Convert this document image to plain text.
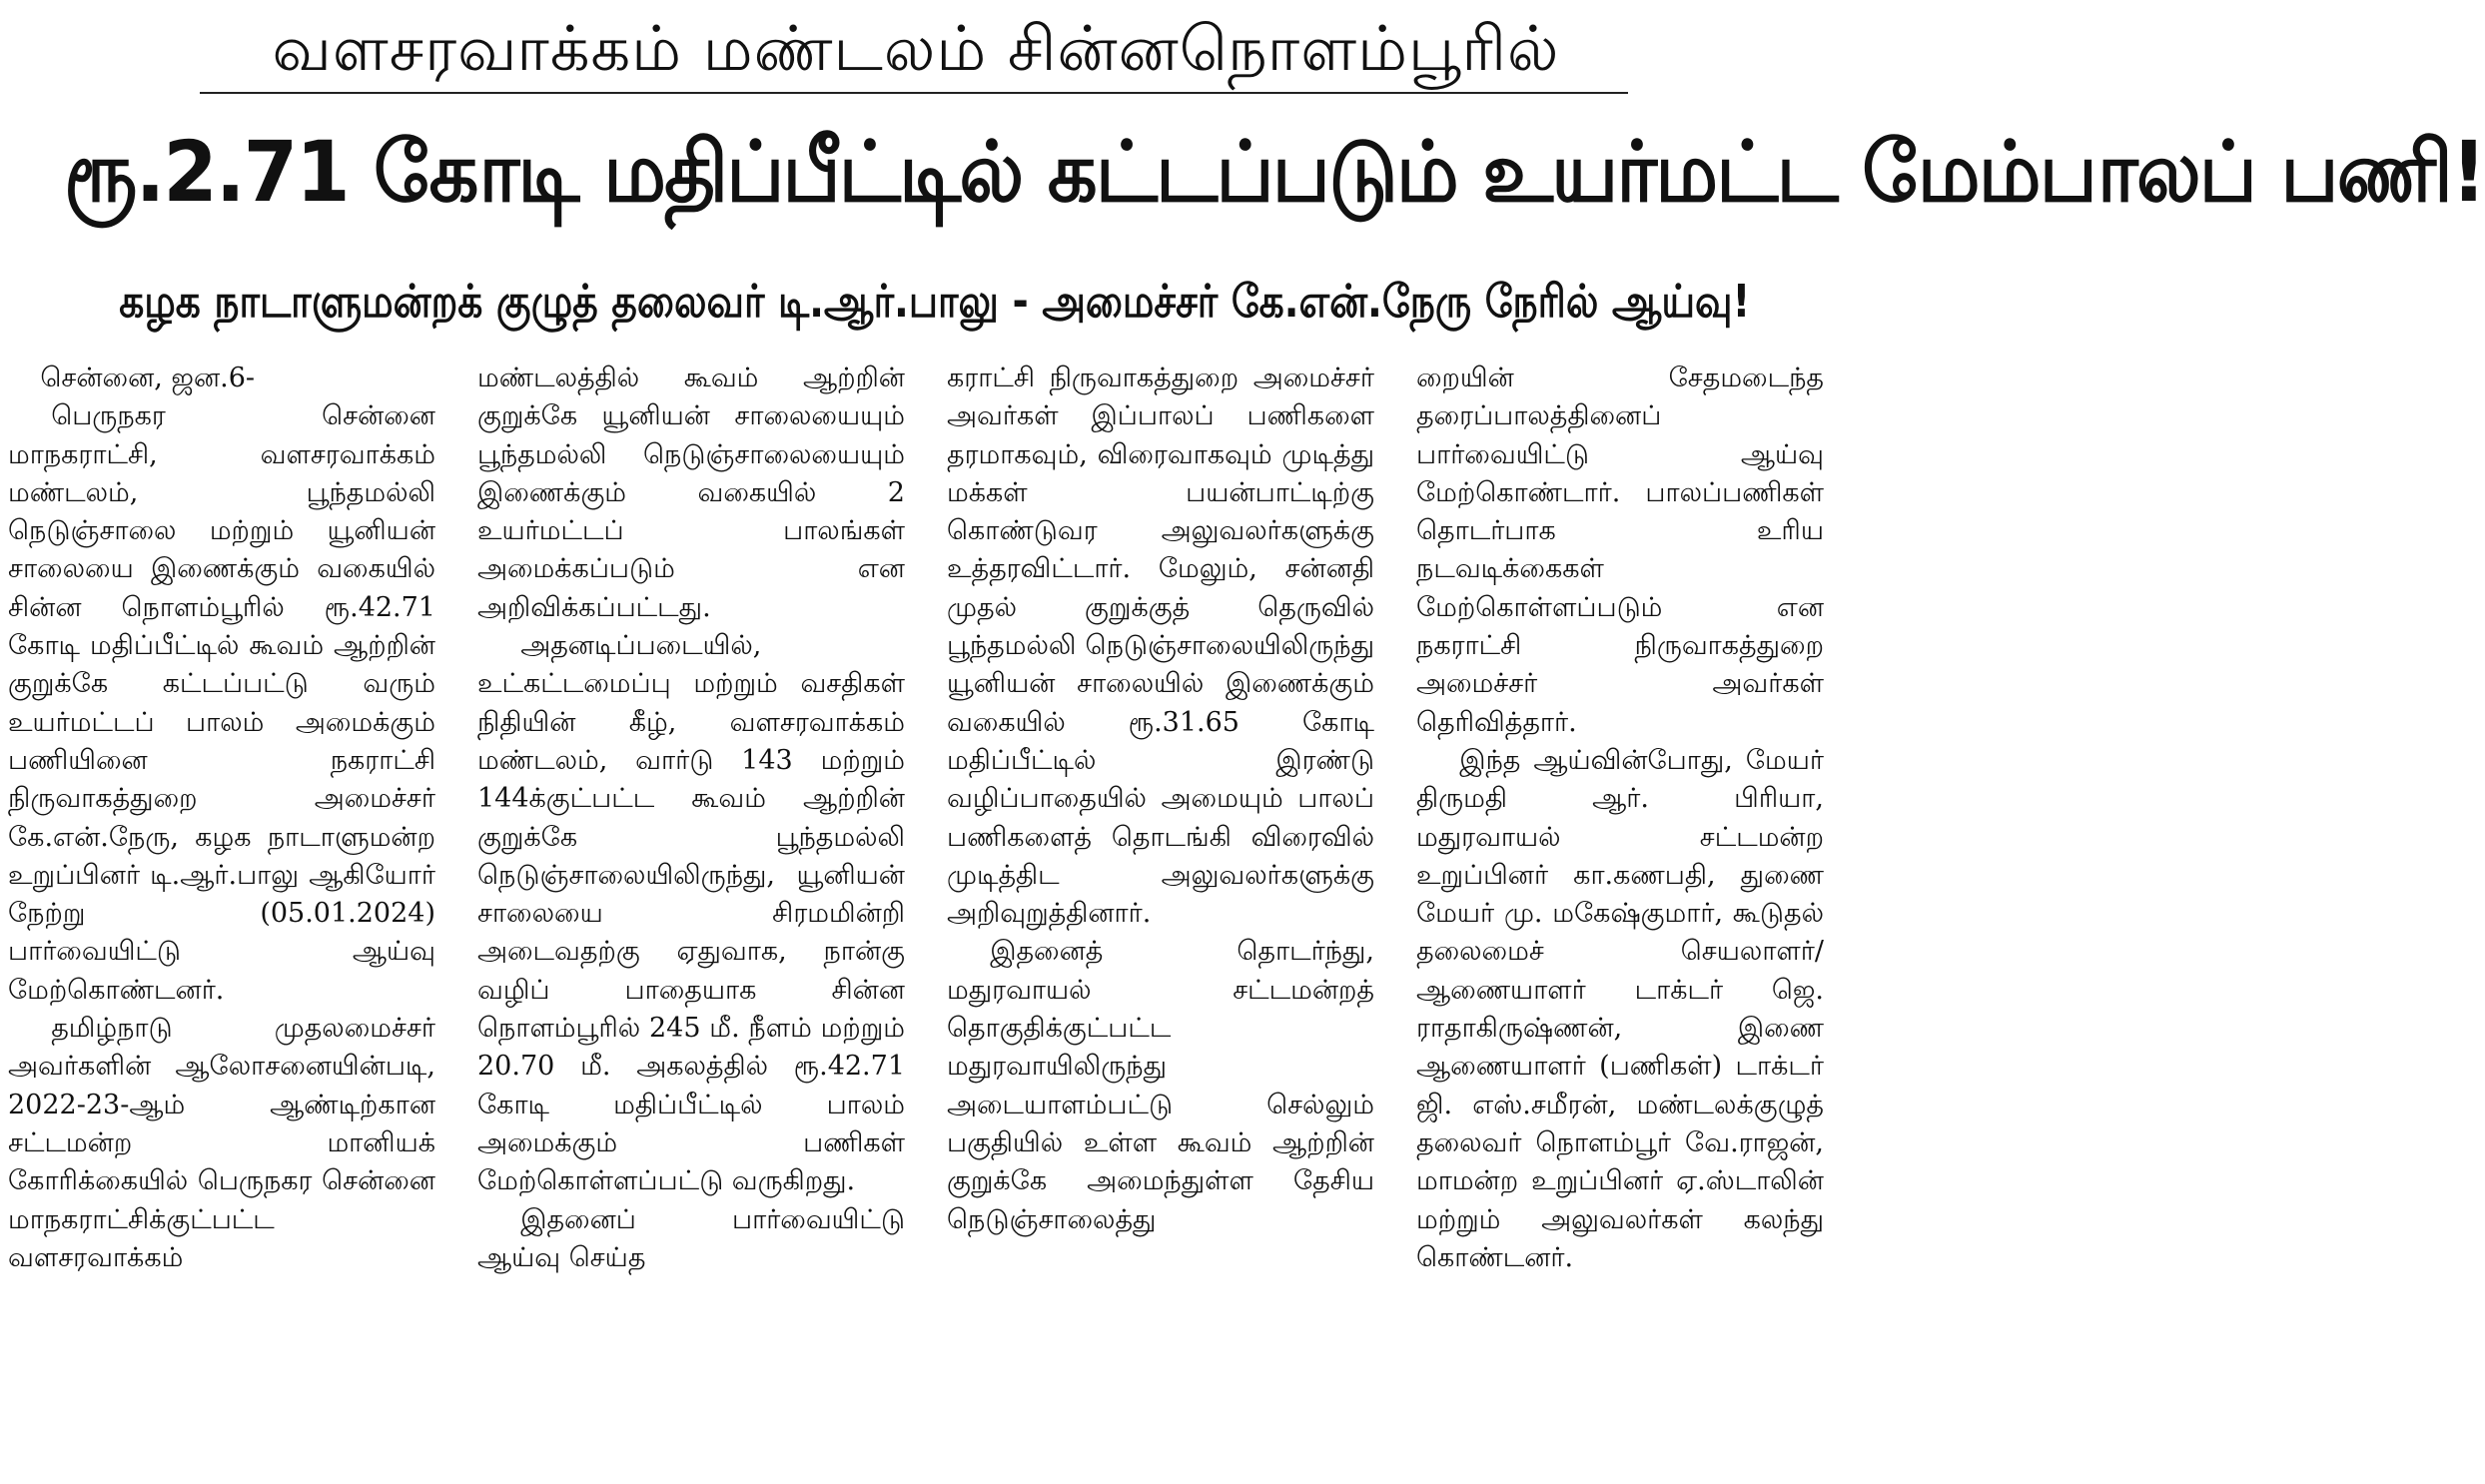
வளசரவாக்கம் மண்டலம் சின்னநொளம்பூரில்
ரூ.2.71 கோடி மதிப்பீட்டில் கட்டப்படும் உயர்மட்ட மேம்பாலப் பணி!
கழக நாடாளுமன்றக் குழுத் தலைவர் டி.ஆர்.பாலு - அமைச்சர் கே.என்.நேரு நேரில் ஆய்வு!

சென்னை, ஜன.6-

பெருநகர சென்னை மாநகராட்சி, வளசரவாக்கம் மண்டலம், பூந்தமல்லி நெடுஞ்சாலை மற்றும் யூனியன் சாலையை இணைக்கும் வகையில் சின்ன நொளம்பூரில் ரூ.42.71 கோடி மதிப்பீட்டில் கூவம் ஆற்றின் குறுக்கே கட்டப்பட்டு வரும் உயர்மட்டப் பாலம் அமைக்கும் பணியினை நகராட்சி நிருவாகத்துறை அமைச்சர் கே.என்.நேரு, கழக நாடாளுமன்ற உறுப்பினர் டி.ஆர்.பாலு ஆகியோர் நேற்று (05.01.2024) பார்வையிட்டு ஆய்வு மேற்கொண்டனர்.

தமிழ்நாடு முதலமைச்சர் அவர்களின் ஆலோசனையின்படி, 2022-23-ஆம் ஆண்டிற்கான சட்டமன்ற மானியக் கோரிக்கையில் பெருநகர சென்னை மாநகராட்சிக்குட்பட்ட வளசரவாக்கம்

மண்டலத்தில் கூவம் ஆற்றின் குறுக்கே யூனியன் சாலையையும் பூந்தமல்லி நெடுஞ்சாலையையும் இணைக்கும் வகையில் 2 உயர்மட்டப் பாலங்கள் அமைக்கப்படும் என அறிவிக்கப்பட்டது.

அதனடிப்படையில், உட்கட்டமைப்பு மற்றும் வசதிகள் நிதியின் கீழ், வளசரவாக்கம் மண்டலம், வார்டு 143 மற்றும் 144க்குட்பட்ட கூவம் ஆற்றின் குறுக்கே பூந்தமல்லி நெடுஞ்சாலையிலிருந்து, யூனியன் சாலையை சிரமமின்றி அடைவதற்கு ஏதுவாக, நான்கு வழிப் பாதையாக சின்ன நொளம்பூரில் 245 மீ. நீளம் மற்றும் 20.70 மீ. அகலத்தில் ரூ.42.71 கோடி மதிப்பீட்டில் பாலம் அமைக்கும் பணிகள் மேற்கொள்ளப்பட்டு வருகிறது.

இதனைப் பார்வையிட்டு ஆய்வு செய்த

கராட்சி நிருவாகத்துறை அமைச்சர் அவர்கள் இப்பாலப் பணிகளை தரமாகவும், விரைவாகவும் முடித்து மக்கள் பயன்பாட்டிற்கு கொண்டுவர அலுவலர்களுக்கு உத்தரவிட்டார். மேலும், சன்னதி முதல் குறுக்குத் தெருவில் பூந்தமல்லி நெடுஞ்சாலையிலிருந்து யூனியன் சாலையில் இணைக்கும் வகையில் ரூ.31.65 கோடி மதிப்பீட்டில் இரண்டு வழிப்பாதையில் அமையும் பாலப் பணிகளைத் தொடங்கி விரைவில் முடித்திட அலுவலர்களுக்கு அறிவுறுத்தினார்.

இதனைத் தொடர்ந்து, மதுரவாயல் சட்டமன்றத் தொகுதிக்குட்பட்ட மதுரவாயிலிருந்து அடையாளம்பட்டு செல்லும் பகுதியில் உள்ள கூவம் ஆற்றின் குறுக்கே அமைந்துள்ள தேசிய நெடுஞ்சாலைத்து

றையின் சேதமடைந்த தரைப்பாலத்தினைப் பார்வையிட்டு ஆய்வு மேற்கொண்டார். பாலப்பணிகள் தொடர்பாக உரிய நடவடிக்கைகள் மேற்கொள்ளப்படும் என நகராட்சி நிருவாகத்துறை அமைச்சர் அவர்கள் தெரிவித்தார்.

இந்த ஆய்வின்போது, மேயர் திருமதி ஆர். பிரியா, மதுரவாயல் சட்டமன்ற உறுப்பினர் கா.கணபதி, துணை மேயர் மு. மகேஷ்குமார், கூடுதல் தலைமைச் செயலாளர்/ ஆணையாளர் டாக்டர் ஜெ. ராதாகிருஷ்ணன், இணை ஆணையாளர் (பணிகள்) டாக்டர் ஜி. எஸ்.சமீரன், மண்டலக்குழுத் தலைவர் நொளம்பூர் வே.ராஜன், மாமன்ற உறுப்பினர் ஏ.ஸ்டாலின் மற்றும் அலுவலர்கள் கலந்து கொண்டனர்.
